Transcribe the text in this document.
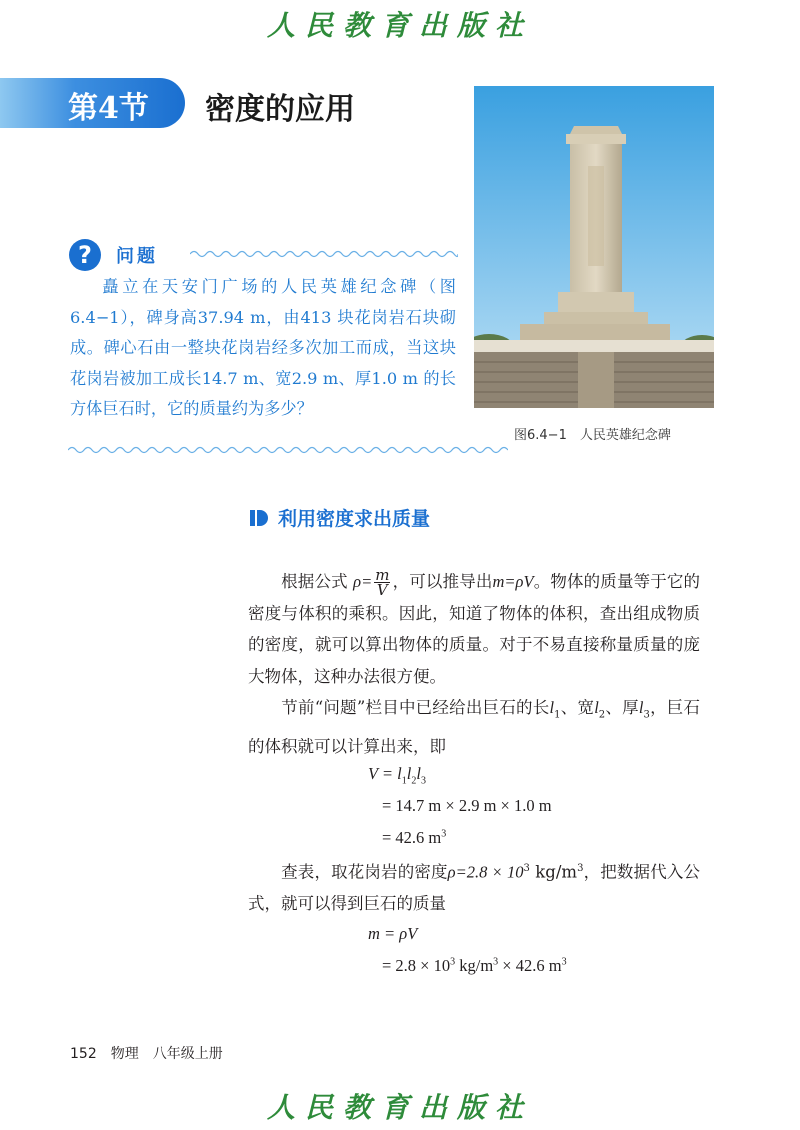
人民教育出版社
第4节 密度的应用
图6.4−1　人民英雄纪念碑
? 问题
矗立在天安门广场的人民英雄纪念碑（图6.4−1），碑身高37.94 m，由413 块花岗岩石块砌成。碑心石由一整块花岗岩经多次加工而成，当这块花岗岩被加工成长14.7 m、宽2.9 m、厚1.0 m 的长方体巨石时，它的质量约为多少？
利用密度求出质量
根据公式 $\rho= \frac{m}{V}$ ，可以推导出m=ρV。物体的质量等于它的密度与体积的乘积。因此，知道了物体的体积，查出组成物质的密度，就可以算出物体的质量。对于不易直接称量质量的庞大物体，这种办法很方便。
节前“问题”栏目中已经给出巨石的长$l_1$、宽$l_2$、厚$l_3$，巨石的体积就可以计算出来，即
$V = l_1l_2l_3$
= 14.7 m × 2.9 m × 1.0 m
= 42.6 $m^3$
查表，取花岗岩的密度$\rho=2.8 \times 10^3$ $kg/m^3$，把数据代入公式，就可以得到巨石的质量
m = ρV
= $2.8 \times 10^3$ $kg/m^3 \times 42.6$ $m^3$
152 物理 八年级上册
人民教育出版社
